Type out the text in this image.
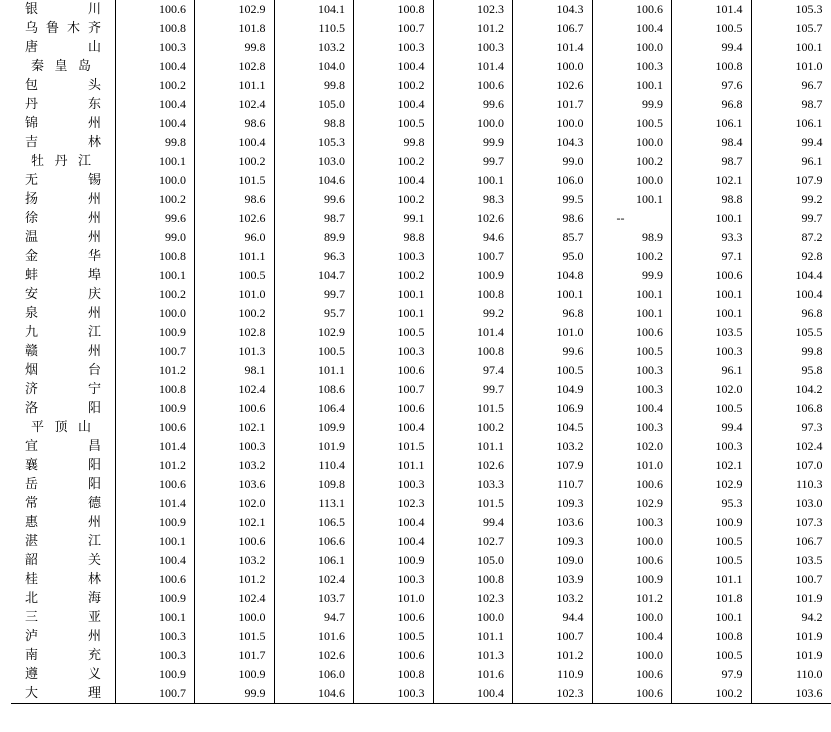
银　川	100.6	102.9	104.1	100.8	102.3	104.3	100.6	101.4	105.3

乌鲁木齐	100.8	101.8	110.5	100.7	101.2	106.7	100.4	100.5	105.7

唐　山	100.3	99.8	103.2	100.3	100.3	101.4	100.0	99.4	100.1

秦皇岛	100.4	102.8	104.0	100.4	101.4	100.0	100.3	100.8	101.0

包　头	100.2	101.1	99.8	100.2	100.6	102.6	100.1	97.6	96.7

丹　东	100.4	102.4	105.0	100.4	99.6	101.7	99.9	96.8	98.7

锦　州	100.4	98.6	98.8	100.5	100.0	100.0	100.5	106.1	106.1

吉　林	99.8	100.4	105.3	99.8	99.9	104.3	100.0	98.4	99.4

牡丹江	100.1	100.2	103.0	100.2	99.7	99.0	100.2	98.7	96.1

无　锡	100.0	101.5	104.6	100.4	100.1	106.0	100.0	102.1	107.9

扬　州	100.2	98.6	99.6	100.2	98.3	99.5	100.1	98.8	99.2

徐　州	99.6	102.6	98.7	99.1	102.6	98.6	--	100.1	99.7

温　州	99.0	96.0	89.9	98.8	94.6	85.7	98.9	93.3	87.2

金　华	100.8	101.1	96.3	100.3	100.7	95.0	100.2	97.1	92.8

蚌　埠	100.1	100.5	104.7	100.2	100.9	104.8	99.9	100.6	104.4

安　庆	100.2	101.0	99.7	100.1	100.8	100.1	100.1	100.1	100.4

泉　州	100.0	100.2	95.7	100.1	99.2	96.8	100.1	100.1	96.8

九　江	100.9	102.8	102.9	100.5	101.4	101.0	100.6	103.5	105.5

赣　州	100.7	101.3	100.5	100.3	100.8	99.6	100.5	100.3	99.8

烟　台	101.2	98.1	101.1	100.6	97.4	100.5	100.3	96.1	95.8

济　宁	100.8	102.4	108.6	100.7	99.7	104.9	100.3	102.0	104.2

洛　阳	100.9	100.6	106.4	100.6	101.5	106.9	100.4	100.5	106.8

平顶山	100.6	102.1	109.9	100.4	100.2	104.5	100.3	99.4	97.3

宜　昌	101.4	100.3	101.9	101.5	101.1	103.2	102.0	100.3	102.4

襄　阳	101.2	103.2	110.4	101.1	102.6	107.9	101.0	102.1	107.0

岳　阳	100.6	103.6	109.8	100.3	103.3	110.7	100.6	102.9	110.3

常　德	101.4	102.0	113.1	102.3	101.5	109.3	102.9	95.3	103.0

惠　州	100.9	102.1	106.5	100.4	99.4	103.6	100.3	100.9	107.3

湛　江	100.1	100.6	106.6	100.4	102.7	109.3	100.0	100.5	106.7

韶　关	100.4	103.2	106.1	100.9	105.0	109.0	100.6	100.5	103.5

桂　林	100.6	101.2	102.4	100.3	100.8	103.9	100.9	101.1	100.7

北　海	100.9	102.4	103.7	101.0	102.3	103.2	101.2	101.8	101.9

三　亚	100.1	100.0	94.7	100.6	100.0	94.4	100.0	100.1	94.2

泸　州	100.3	101.5	101.6	100.5	101.1	100.7	100.4	100.8	101.9

南　充	100.3	101.7	102.6	100.6	101.3	101.2	100.0	100.5	101.9

遵　义	100.9	100.9	106.0	100.8	101.6	110.9	100.6	97.9	110.0

大　理	100.7	99.9	104.6	100.3	100.4	102.3	100.6	100.2	103.6
